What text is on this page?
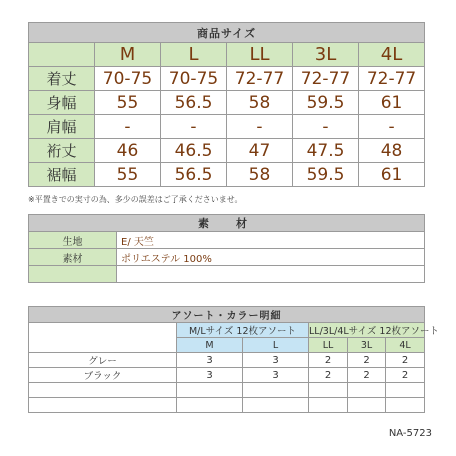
商品サイズ					
	M	L	LL	3L	4L
着丈	70-75	70-75	72-77	72-77	72-77
身幅	55	56.5	58	59.5	61
肩幅	-	-	-	-	-
裄丈	46	46.5	47	47.5	48
裾幅	55	56.5	58	59.5	61
※平置きでの実寸の為、多少の誤差はご了承くださいませ。
素　材	
生地	E/ 天竺
素材	ポリエステル 100%

アソート・カラー明細					
	M/Lサイズ 12枚アソート		LL/3L/4Lサイズ 12枚アソート		
	M	L	LL	3L	4L
グレー	3	3	2	2	2
ブラック	3	3	2	2	2

NA-5723
